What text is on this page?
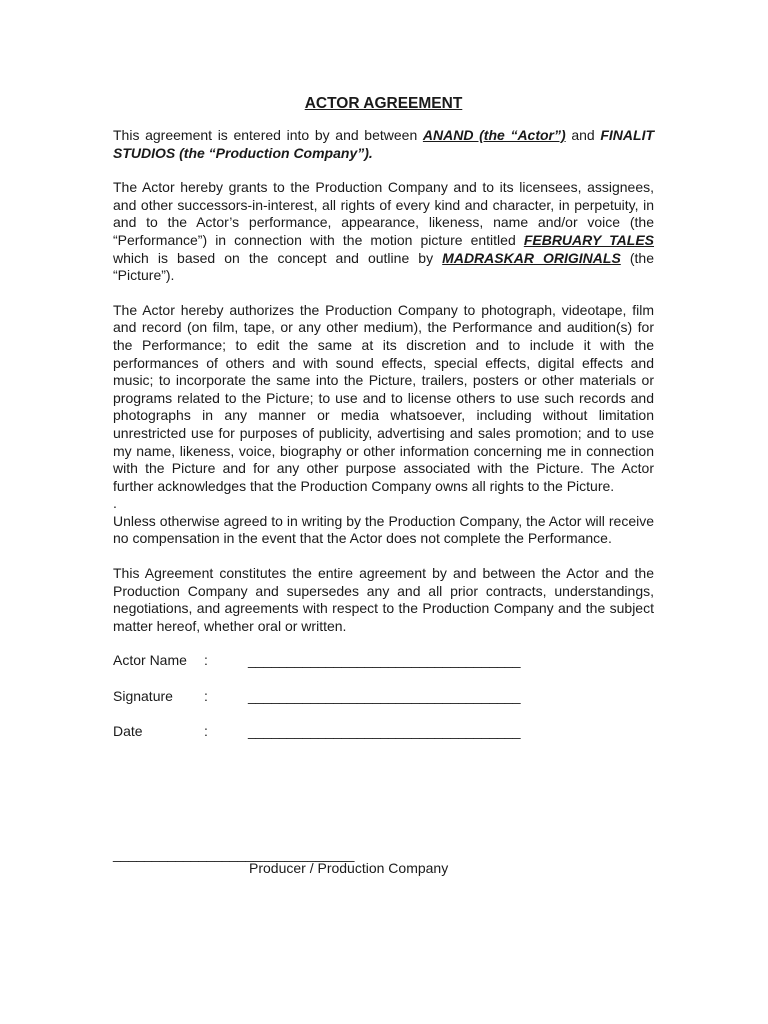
ACTOR AGREEMENT

This agreement is entered into by and between ANAND (the “Actor”) and FINALIT STUDIOS (the “Production Company”).

The Actor hereby grants to the Production Company and to its licensees, assignees, and other successors-in-interest, all rights of every kind and character, in perpetuity, in and to the Actor’s performance, appearance, likeness, name and/or voice (the “Performance”) in connection with the motion picture entitled FEBRUARY TALES which is based on the concept and outline by MADRASKAR ORIGINALS (the “Picture”).

The Actor hereby authorizes the Production Company to photograph, videotape, film and record (on film, tape, or any other medium), the Performance and audition(s) for the Performance; to edit the same at its discretion and to include it with the performances of others and with sound effects, special effects, digital effects and music; to incorporate the same into the Picture, trailers, posters or other materials or programs related to the Picture; to use and to license others to use such records and photographs in any manner or media whatsoever, including without limitation unrestricted use for purposes of publicity, advertising and sales promotion; and to use my name, likeness, voice, biography or other information concerning me in connection with the Picture and for any other purpose associated with the Picture. The Actor further acknowledges that the Production Company owns all rights to the Picture.

.

Unless otherwise agreed to in writing by the Production Company, the Actor will receive no compensation in the event that the Actor does not complete the Performance.

This Agreement constitutes the entire agreement by and between the Actor and the Production Company and supersedes any and all prior contracts, understandings, negotiations, and agreements with respect to the Production Company and the subject matter hereof, whether oral or written.

Actor Name :	___________________________________
Signature :	___________________________________
Date	:	___________________________________
_______________________________
Producer / Production Company
